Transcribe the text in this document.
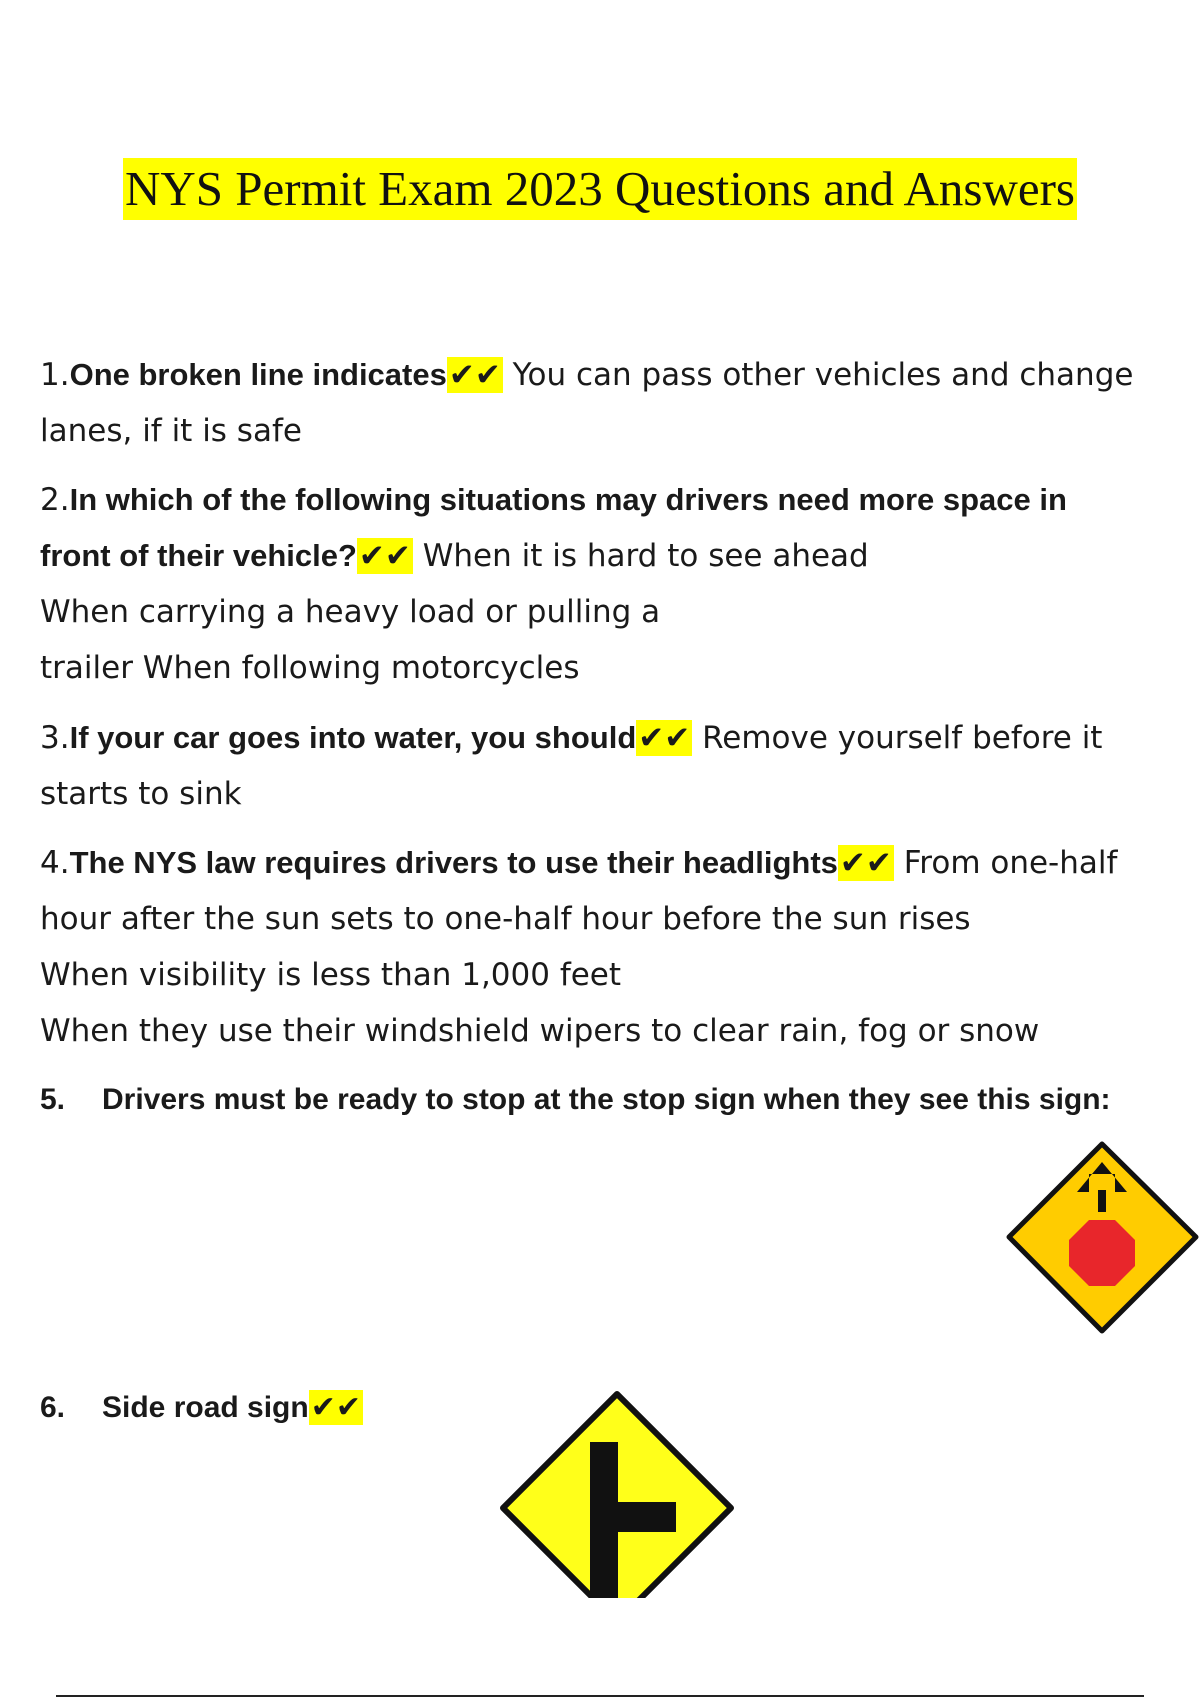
NYS Permit Exam 2023 Questions and Answers
1.One broken line indicates✔✔ You can pass other vehicles and change
lanes, if it is safe
2.In which of the following situations may drivers need more space in
front of their vehicle?✔✔ When it is hard to see ahead
When carrying a heavy load or pulling a
trailer When following motorcycles
3.If your car goes into water, you should✔✔ Remove yourself before it
starts to sink
4.The NYS law requires drivers to use their headlights✔✔ From one-half
hour after the sun sets to one-half hour before the sun rises
When visibility is less than 1,000 feet
When they use their windshield wipers to clear rain, fog or snow
5. Drivers must be ready to stop at the stop sign when they see this sign:
6. Side road sign✔✔
